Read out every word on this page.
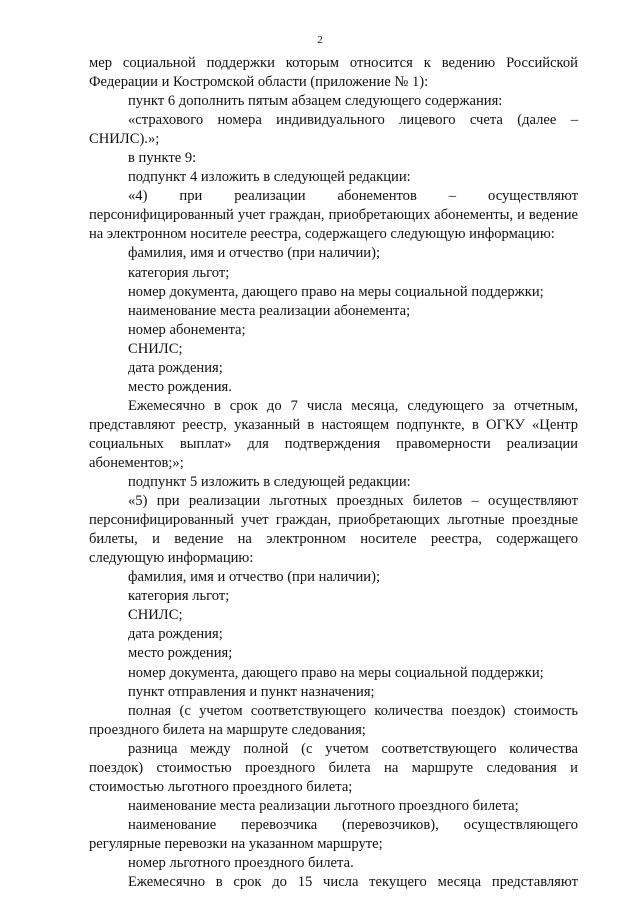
2

мер социальной поддержки которым относится к ведению Российской Федерации и Костромской области (приложение № 1):

пункт 6 дополнить пятым абзацем следующего содержания:

«страхового номера индивидуального лицевого счета (далее – СНИЛС).»;

в пункте 9:

подпункт 4 изложить в следующей редакции:

«4) при реализации абонементов – осуществляют персонифицированный учет граждан, приобретающих абонементы, и ведение на электронном носителе реестра, содержащего следующую информацию:

фамилия, имя и отчество (при наличии);

категория льгот;

номер документа, дающего право на меры социальной поддержки;

наименование места реализации абонемента;

номер абонемента;

СНИЛС;

дата рождения;

место рождения.

Ежемесячно в срок до 7 числа месяца, следующего за отчетным, представляют реестр, указанный в настоящем подпункте, в ОГКУ «Центр социальных выплат» для подтверждения правомерности реализации абонементов;»;

подпункт 5 изложить в следующей редакции:

«5) при реализации льготных проездных билетов – осуществляют персонифицированный учет граждан, приобретающих льготные проездные билеты, и ведение на электронном носителе реестра, содержащего следующую информацию:

фамилия, имя и отчество (при наличии);

категория льгот;

СНИЛС;

дата рождения;

место рождения;

номер документа, дающего право на меры социальной поддержки;

пункт отправления и пункт назначения;

полная (с учетом соответствующего количества поездок) стоимость проездного билета на маршруте следования;

разница между полной (с учетом соответствующего количества поездок) стоимостью проездного билета на маршруте следования и стоимостью льготного проездного билета;

наименование места реализации льготного проездного билета;

наименование перевозчика (перевозчиков), осуществляющего регулярные перевозки на указанном маршруте;

номер льготного проездного билета.

Ежемесячно в срок до 15 числа текущего месяца представляют
